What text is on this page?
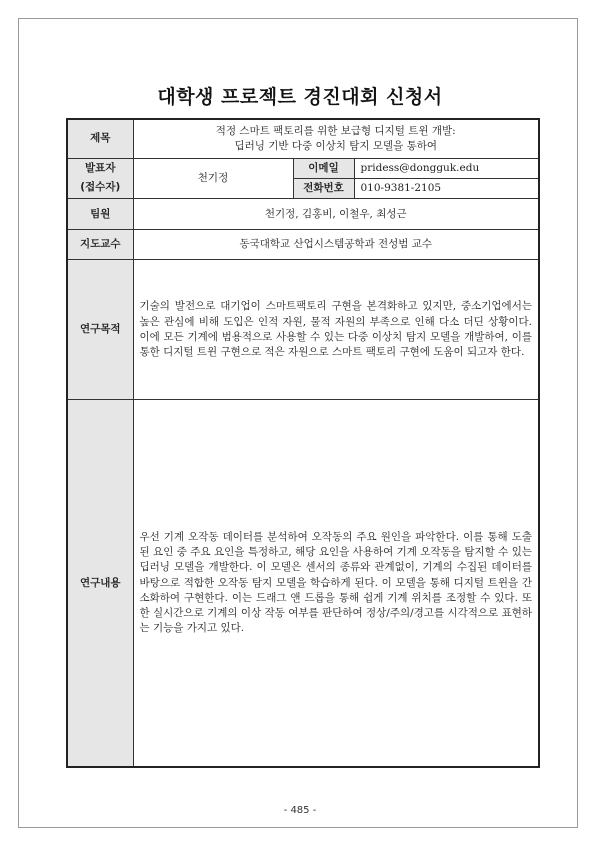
대학생 프로젝트 경진대회 신청서
제목	적정 스마트 팩토리를 위한 보급형 디지털 트윈 개발:
딥러닝 기반 다중 이상치 탐지 모델을 통하여		

발표자
(접수자)	천기정	이메일	pridess@dongguk.edu
		전화번호	010-9381-2105
팀원	천기정, 김홍비, 이철우, 최성근		
지도교수	동국대학교 산업시스템공학과 전성범 교수		
연구목적	기술의 발전으로 대기업이 스마트팩토리 구현을 본격화하고 있지만, 중소기업에서는 높은 관심에 비해 도입은 인적 자원, 물적 자원의 부족으로 인해 다소 더딘 상황이다. 이에 모든 기계에 범용적으로 사용할 수 있는 다중 이상치 탐지 모델을 개발하여, 이를 통한 디지털 트윈 구현으로 적은 자원으로 스마트 팩토리 구현에 도움이 되고자 한다.		
연구내용	우선 기계 오작동 데이터를 분석하여 오작동의 주요 원인을 파악한다. 이를 통해 도출된 요인 중 주요 요인을 특정하고, 해당 요인을 사용하여 기계 오작동을 탐지할 수 있는 딥러닝 모델을 개발한다. 이 모델은 센서의 종류와 관계없이, 기계의 수집된 데이터를 바탕으로 적합한 오작동 탐지 모델을 학습하게 된다. 이 모델을 통해 디지털 트윈을 간소화하여 구현한다. 이는 드래그 앤 드롭을 통해 쉽게 기계 위치를 조정할 수 있다. 또한 실시간으로 기계의 이상 작동 여부를 판단하여 정상/주의/경고를 시각적으로 표현하는 기능을 가지고 있다.		
- 485 -
